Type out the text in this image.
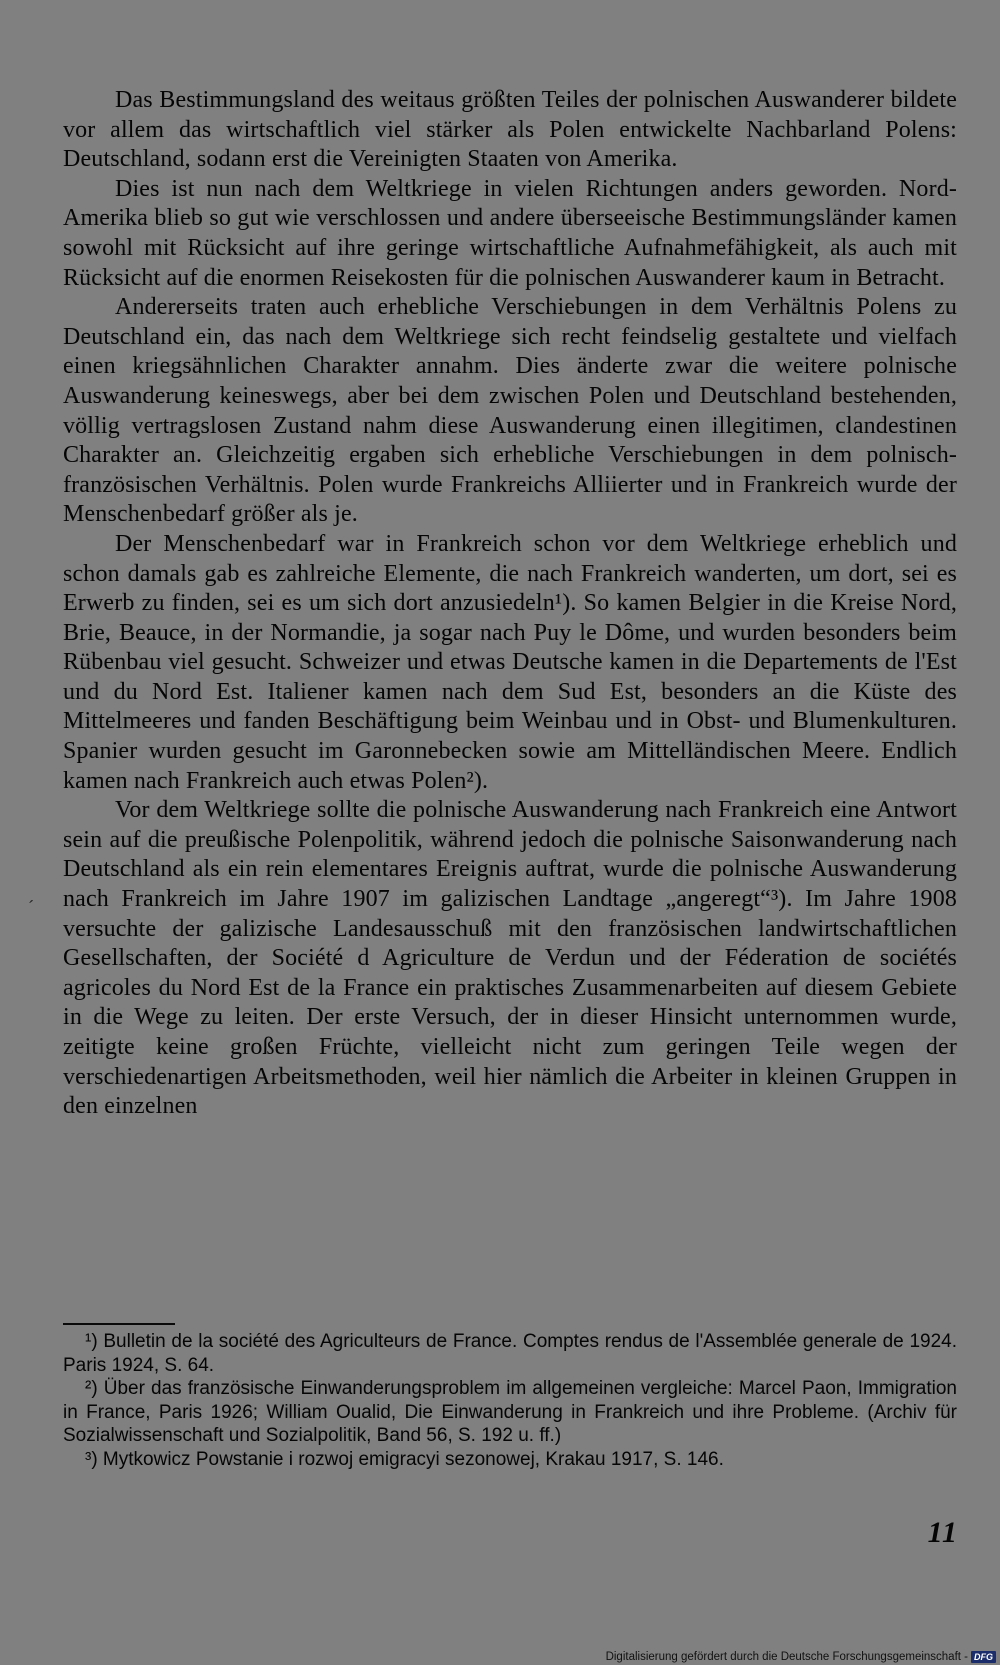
Das Bestimmungsland des weitaus größten Teiles der polnischen Auswanderer bildete vor allem das wirtschaftlich viel stärker als Polen entwickelte Nachbarland Polens: Deutschland, sodann erst die Vereinigten Staaten von Amerika.

Dies ist nun nach dem Weltkriege in vielen Richtungen anders geworden. Nord-Amerika blieb so gut wie verschlossen und andere überseeische Bestimmungsländer kamen sowohl mit Rücksicht auf ihre geringe wirtschaftliche Aufnahmefähigkeit, als auch mit Rücksicht auf die enormen Reisekosten für die polnischen Auswanderer kaum in Betracht.

Andererseits traten auch erhebliche Verschiebungen in dem Verhältnis Polens zu Deutschland ein, das nach dem Weltkriege sich recht feindselig gestaltete und vielfach einen kriegsähnlichen Charakter annahm. Dies änderte zwar die weitere polnische Auswanderung keineswegs, aber bei dem zwischen Polen und Deutschland bestehenden, völlig vertragslosen Zustand nahm diese Auswanderung einen illegitimen, clandestinen Charakter an. Gleichzeitig ergaben sich erhebliche Verschiebungen in dem polnisch-französischen Verhältnis. Polen wurde Frankreichs Alliierter und in Frankreich wurde der Menschenbedarf größer als je.

Der Menschenbedarf war in Frankreich schon vor dem Weltkriege erheblich und schon damals gab es zahlreiche Elemente, die nach Frankreich wanderten, um dort, sei es Erwerb zu finden, sei es um sich dort anzusiedeln¹). So kamen Belgier in die Kreise Nord, Brie, Beauce, in der Normandie, ja sogar nach Puy le Dôme, und wurden besonders beim Rübenbau viel gesucht. Schweizer und etwas Deutsche kamen in die Departements de l'Est und du Nord Est. Italiener kamen nach dem Sud Est, besonders an die Küste des Mittelmeeres und fanden Beschäftigung beim Weinbau und in Obst- und Blumenkulturen. Spanier wurden gesucht im Garonnebecken sowie am Mittelländischen Meere. Endlich kamen nach Frankreich auch etwas Polen²).

Vor dem Weltkriege sollte die polnische Auswanderung nach Frankreich eine Antwort sein auf die preußische Polenpolitik, während jedoch die polnische Saisonwanderung nach Deutschland als ein rein elementares Ereignis auftrat, wurde die polnische Auswanderung nach Frankreich im Jahre 1907 im galizischen Landtage „angeregt“³). Im Jahre 1908 versuchte der galizische Landesausschuß mit den französischen landwirtschaftlichen Gesellschaften, der Société d Agriculture de Verdun und der Féderation de sociétés agricoles du Nord Est de la France ein praktisches Zusammenarbeiten auf diesem Gebiete in die Wege zu leiten. Der erste Versuch, der in dieser Hinsicht unternommen wurde, zeitigte keine großen Früchte, vielleicht nicht zum geringen Teile wegen der verschiedenartigen Arbeitsmethoden, weil hier nämlich die Arbeiter in kleinen Gruppen in den einzelnen

ˊ

¹) Bulletin de la société des Agriculteurs de France. Comptes rendus de l'Assemblée generale de 1924. Paris 1924, S. 64.

²) Über das französische Einwanderungsproblem im allgemeinen vergleiche: Marcel Paon, Immigration in France, Paris 1926; William Oualid, Die Einwanderung in Frankreich und ihre Probleme. (Archiv für Sozialwissenschaft und Sozialpolitik, Band 56, S. 192 u. ff.)

³) Mytkowicz Powstanie i rozwoj emigracyi sezonowej, Krakau 1917, S. 146.

11
Digitalisierung gefördert durch die Deutsche Forschungsgemeinschaft - DFG
